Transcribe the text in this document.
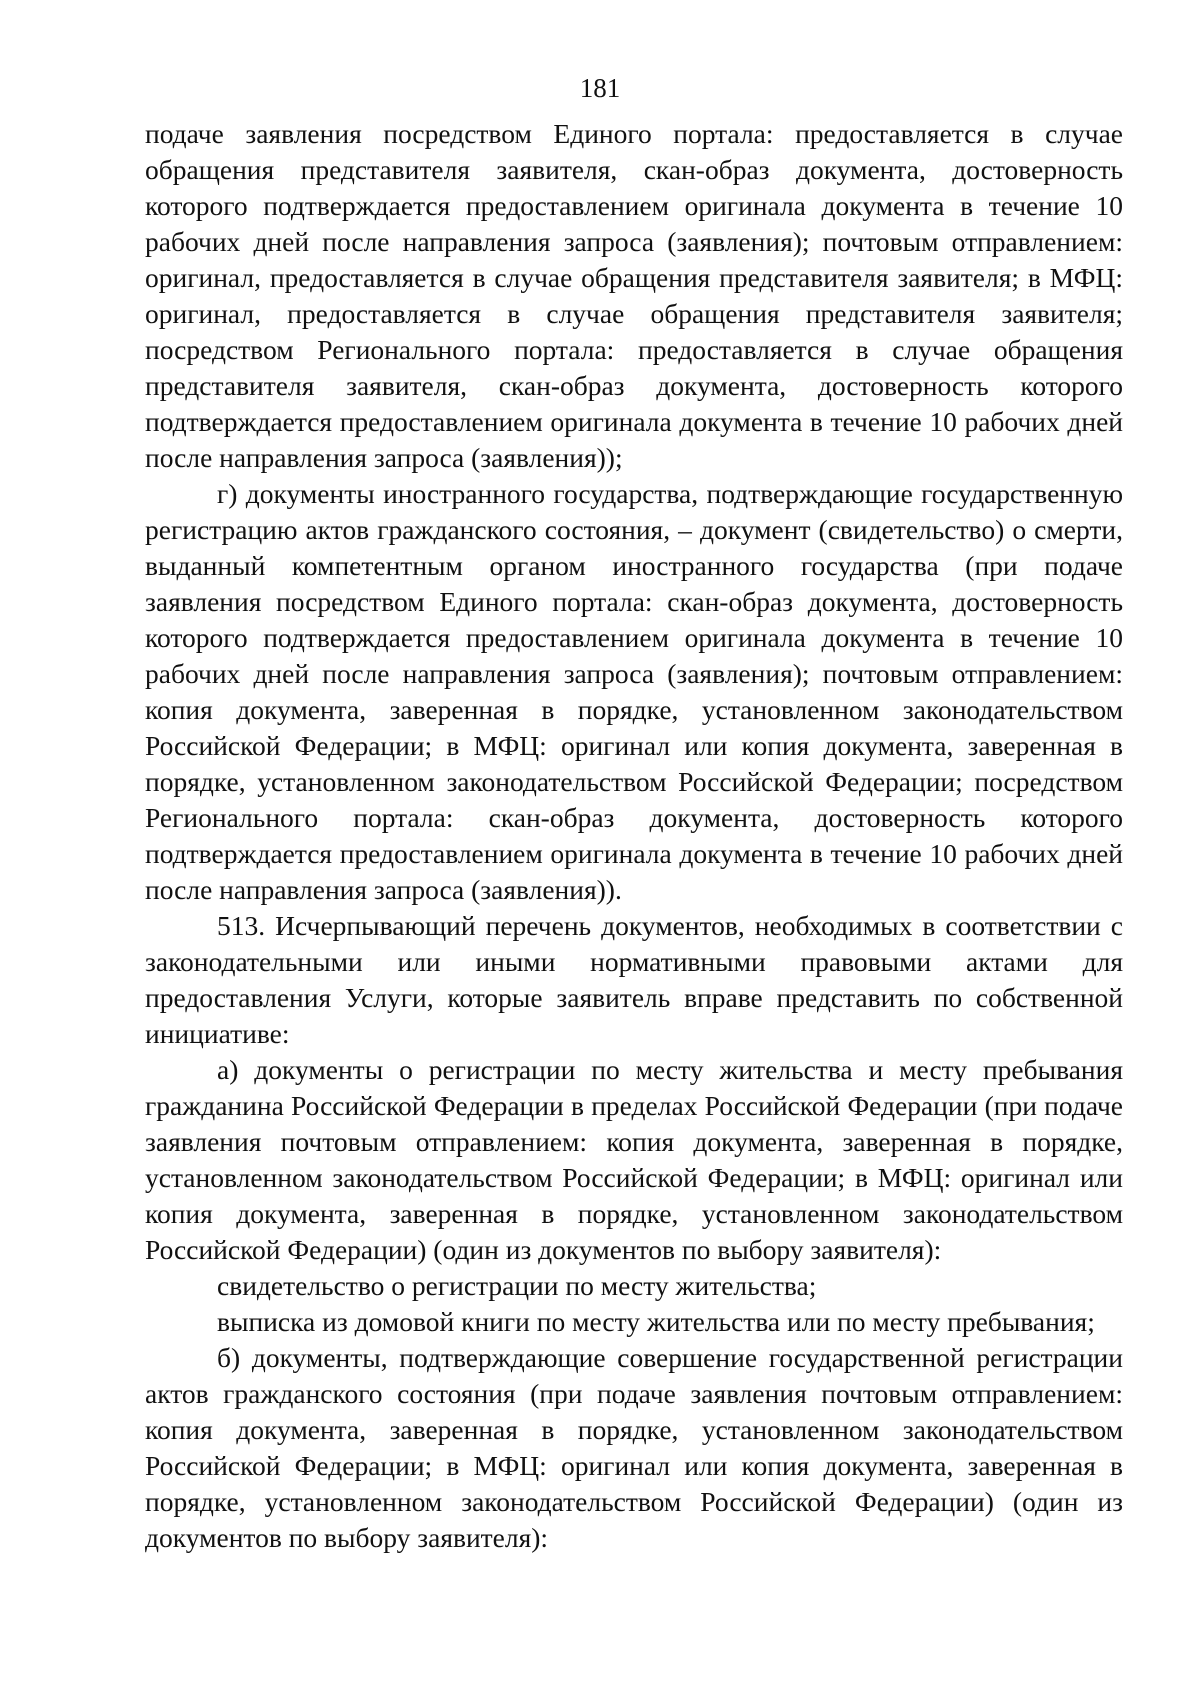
181

подаче заявления посредством Единого портала: предоставляется в случае обращения представителя заявителя, скан-образ документа, достоверность которого подтверждается предоставлением оригинала документа в течение 10 рабочих дней после направления запроса (заявления); почтовым отправлением: оригинал, предоставляется в случае обращения представителя заявителя; в МФЦ: оригинал, предоставляется в случае обращения представителя заявителя; посредством Регионального портала: предоставляется в случае обращения представителя заявителя, скан-образ документа, достоверность которого подтверждается предоставлением оригинала документа в течение 10 рабочих дней после направления запроса (заявления));

г) документы иностранного государства, подтверждающие государственную регистрацию актов гражданского состояния, – документ (свидетельство) о смерти, выданный компетентным органом иностранного государства (при подаче заявления посредством Единого портала: скан-образ документа, достоверность которого подтверждается предоставлением оригинала документа в течение 10 рабочих дней после направления запроса (заявления); почтовым отправлением: копия документа, заверенная в порядке, установленном законодательством Российской Федерации; в МФЦ: оригинал или копия документа, заверенная в порядке, установленном законодательством Российской Федерации; посредством Регионального портала: скан-образ документа, достоверность которого подтверждается предоставлением оригинала документа в течение 10 рабочих дней после направления запроса (заявления)).

513. Исчерпывающий перечень документов, необходимых в соответствии с законодательными или иными нормативными правовыми актами для предоставления Услуги, которые заявитель вправе представить по собственной инициативе:

а) документы о регистрации по месту жительства и месту пребывания гражданина Российской Федерации в пределах Российской Федерации (при подаче заявления почтовым отправлением: копия документа, заверенная в порядке, установленном законодательством Российской Федерации; в МФЦ: оригинал или копия документа, заверенная в порядке, установленном законодательством Российской Федерации) (один из документов по выбору заявителя):

свидетельство о регистрации по месту жительства;

выписка из домовой книги по месту жительства или по месту пребывания;

б) документы, подтверждающие совершение государственной регистрации актов гражданского состояния (при подаче заявления почтовым отправлением: копия документа, заверенная в порядке, установленном законодательством Российской Федерации; в МФЦ: оригинал или копия документа, заверенная в порядке, установленном законодательством Российской Федерации) (один из документов по выбору заявителя):
